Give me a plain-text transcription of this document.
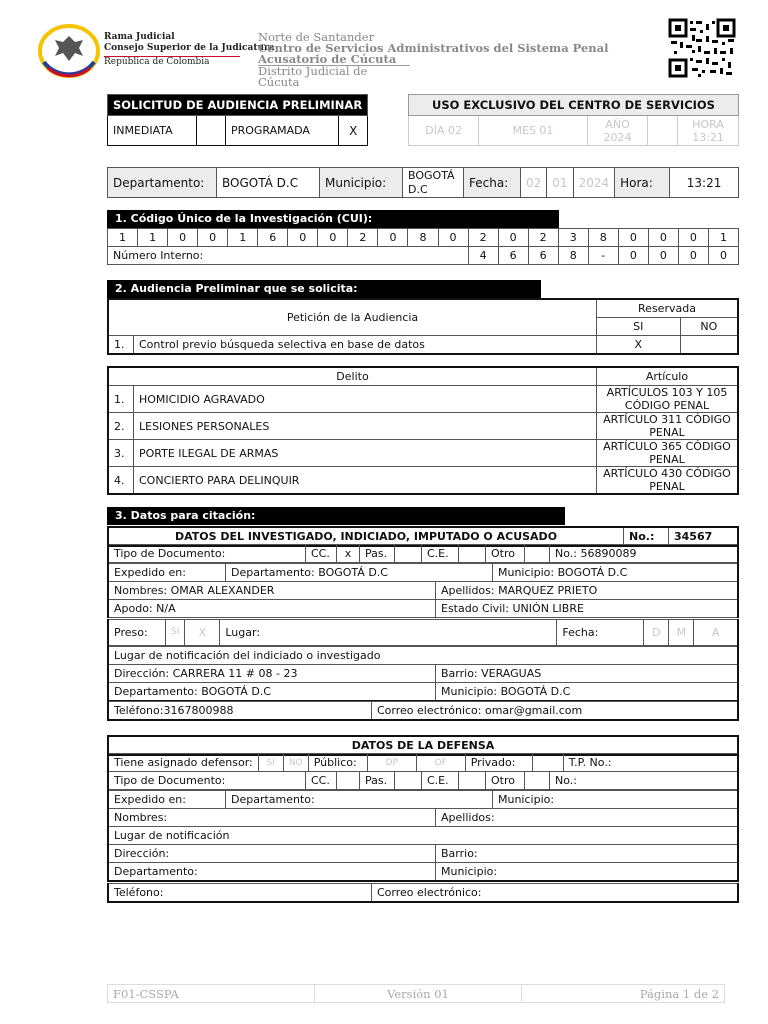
Rama Judicial
Consejo Superior de la Judicatura
República de Colombia
Norte de Santander
Centro de Servicios Administrativos del Sistema Penal
Acusatorio de Cúcuta
Distrito Judicial de Cúcuta
SOLICITUD DE AUDIENCIA PRELIMINAR
INMEDIATA		PROGRAMADA	X
USO EXCLUSIVO DEL CENTRO DE SERVICIOS
DÍA 02	MES 01	AÑO 2024		HORA 13:21
Departamento:	BOGOTÁ D.C	Municipio:	BOGOTÁ D.C	Fecha:	02	01	2024	Hora:	13:21
1. Código Único de la Investigación (CUI):
1	1	0	0	1	6	0	0	2	0	8	0	2	0	2	3	8	0	0	0	1
Número Interno:												4	6	6	8	-	0	0	0	0
2. Audiencia Preliminar que se solicita:
Petición de la Audiencia		Reservada	
		SI	NO
1.	Control previo búsqueda selectiva en base de datos	X	
Delito		Artículo
1.	HOMICIDIO AGRAVADO	ARTÍCULOS 103 Y 105 CÓDIGO PENAL
2.	LESIONES PERSONALES	ARTÍCULO 311 CÓDIGO PENAL
3.	PORTE ILEGAL DE ARMAS	ARTÍCULO 365 CÓDIGO PENAL
4.	CONCIERTO PARA DELINQUIR	ARTÍCULO 430 CÓDIGO PENAL
3. Datos para citación:
DATOS DEL INVESTIGADO, INDICIADO, IMPUTADO O ACUSADO	No.:	34567
Tipo de Documento:	CC.	x	Pas.		C.E.		Otro		No.: 56890089
Expedido en:	Departamento: BOGOTÁ D.C	Municipio: BOGOTÁ D.C
Nombres: OMAR ALEXANDER	Apellidos: MARQUEZ PRIETO
Apodo: N/A	Estado Civil: UNIÓN LIBRE
Preso:	SI	X	Lugar:	Fecha:	D	M	A
Lugar de notificación del indiciado o investigado	
Dirección: CARRERA 11 # 08 - 23	Barrio: VERAGUAS
Departamento: BOGOTÁ D.C	Municipio: BOGOTÁ D.C
Teléfono:3167800988	Correo electrónico: omar@gmail.com
DATOS DE LA DEFENSA
Tiene asignado defensor:	SI	NO	Público:	DP	OF	Privado:		T.P. No.:
Tipo de Documento:	CC.		Pas.		C.E.		Otro		No.:
Expedido en:	Departamento:	Municipio:
Nombres:	Apellidos:
Lugar de notificación	
Dirección:	Barrio:
Departamento:	Municipio:
Teléfono:	Correo electrónico:
F01-CSSPA	Versión 01	Página 1 de 2
